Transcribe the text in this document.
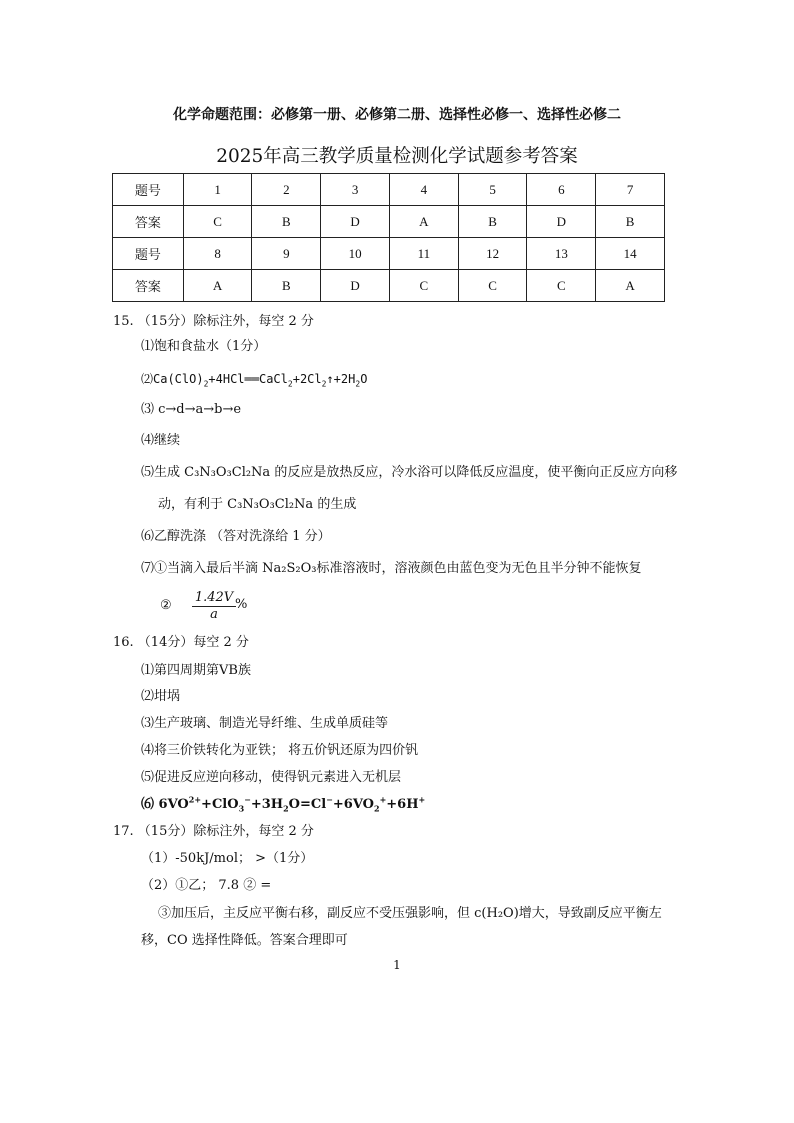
化学命题范围：必修第一册、必修第二册、选择性必修一、选择性必修二
2025年高三教学质量检测化学试题参考答案
题号	1	2	3	4	5	6	7
答案	C	B	D	A	B	D	B
题号	8	9	10	11	12	13	14
答案	A	B	D	C	C	C	A
15. （15分）除标注外，每空 2 分
⑴饱和食盐水（1分）
$⑵Ca(ClO)_2+4HCl══CaCl_2+2Cl_2↑+2H_2O$
⑶ c→d→a→b→e
⑷继续
⑸生成 C₃N₃O₃Cl₂Na 的反应是放热反应，冷水浴可以降低反应温度，使平衡向正反应方向移
动，有利于 C₃N₃O₃Cl₂Na 的生成
⑹乙醇洗涤 （答对洗涤给 1 分）
⑺①当滴入最后半滴 Na₂S₂O₃标准溶液时，溶液颜色由蓝色变为无色且半分钟不能恢复
② $\frac{1.42V}{a}$ %
16. （14分）每空 2 分
⑴第四周期第ⅤB族
⑵坩埚
⑶生产玻璃、制造光导纤维、生成单质硅等
⑷将三价铁转化为亚铁； 将五价钒还原为四价钒
⑸促进反应逆向移动，使得钒元素进入无机层
⑹ $6VO^{2+}+ClO_3^-+3H_2O=Cl^-+6VO_2^++6H^+$
17. （15分）除标注外，每空 2 分
（1）-50kJ/mol； >（1分）
（2）①乙； 7.8 ② =
③加压后，主反应平衡右移，副反应不受压强影响，但 c(H₂O)增大，导致副反应平衡左
移，CO 选择性降低。答案合理即可
1
